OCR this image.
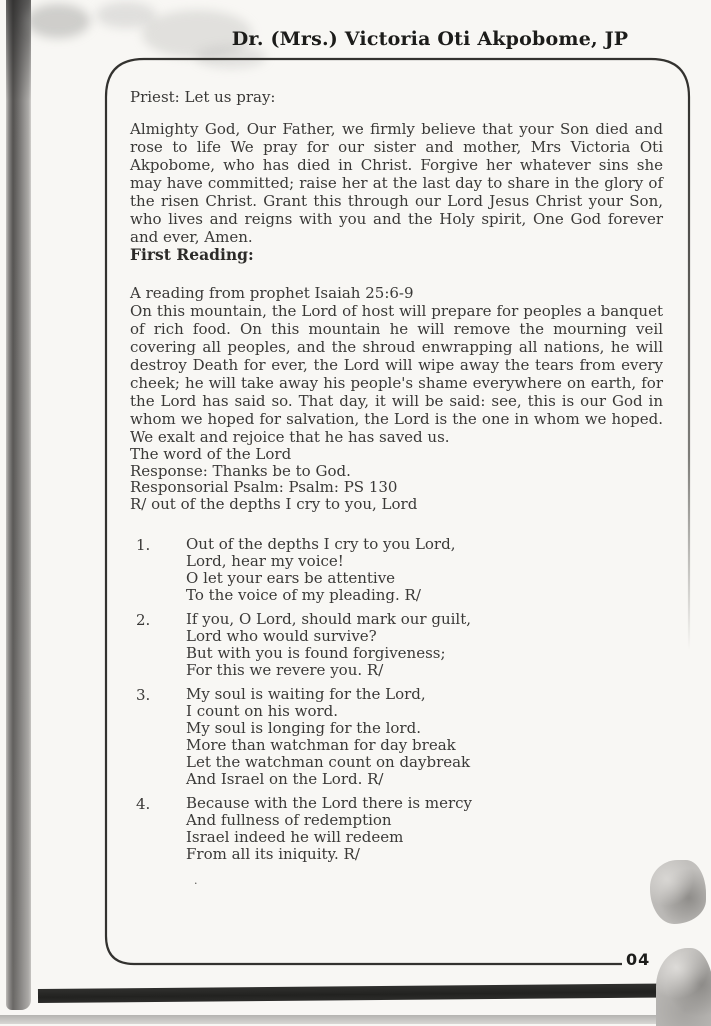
Dr. (Mrs.) Victoria Oti Akpobome, JP

Priest: Let us pray:

Almighty God, Our Father, we firmly believe that your Son died and rose to life We pray for our sister and mother, Mrs Victoria Oti Akpobome, who has died in Christ. Forgive her whatever sins she may have committed; raise her at the last day to share in the glory of the risen Christ. Grant this through our Lord Jesus Christ your Son, who lives and reigns with you and the Holy spirit, One God forever and ever, Amen.

First Reading:

A reading from prophet Isaiah 25:6-9

On this mountain, the Lord of host will prepare for peoples a banquet of rich food. On this mountain he will remove the mourning veil covering all peoples, and the shroud enwrapping all nations, he will destroy Death for ever, the Lord will wipe away the tears from every cheek; he will take away his people's shame everywhere on earth, for the Lord has said so. That day, it will be said: see, this is our God in whom we hoped for salvation, the Lord is the one in whom we hoped. We exalt and rejoice that he has saved us.

The word of the Lord
Response: Thanks be to God.
Responsorial Psalm: Psalm: PS 130
R/ out of the depths I cry to you, Lord
1.	Out of the depths I cry to you Lord,
Lord, hear my voice!
O let your ears be attentive
To the voice of my pleading. R/
2.	If you, O Lord, should mark our guilt,
Lord who would survive?
But with you is found forgiveness;
For this we revere you. R/
3.	My soul is waiting for the Lord,
I count on his word.
My soul is longing for the lord.
More than watchman for day break
Let the watchman count on daybreak
And Israel on the Lord. R/
4.	Because with the Lord there is mercy
And fullness of redemption
Israel indeed he will redeem
From all its iniquity. R/
.
04
